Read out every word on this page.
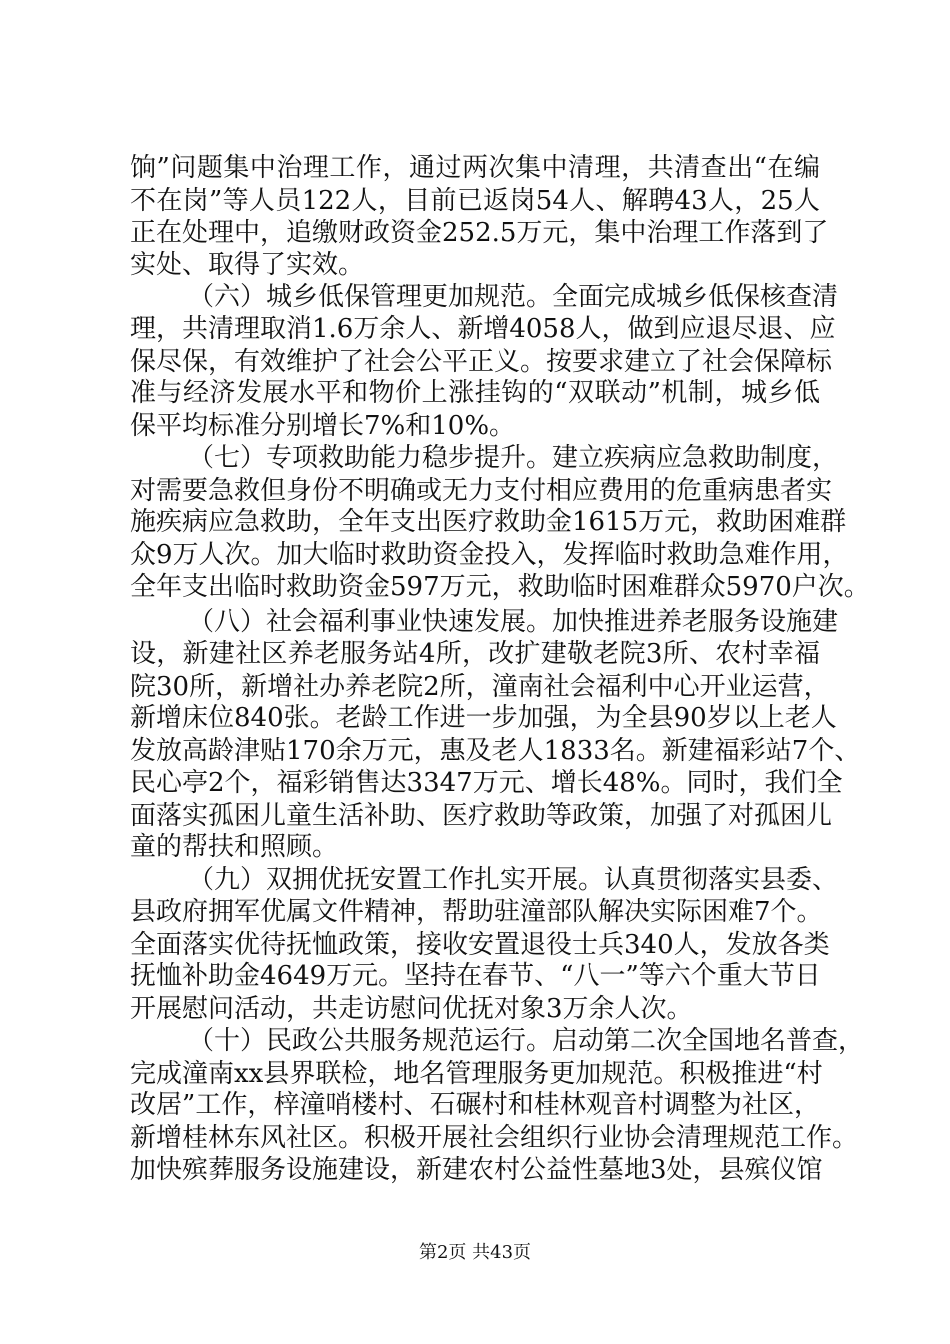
饷”问题集中治理工作，通过两次集中清理，共清查出“在编
不在岗”等人员122人，目前已返岗54人、解聘43人，25人
正在处理中，追缴财政资金252.5万元，集中治理工作落到了
实处、取得了实效。
（六）城乡低保管理更加规范。全面完成城乡低保核查清
理，共清理取消1.6万余人、新增4058人，做到应退尽退、应
保尽保，有效维护了社会公平正义。按要求建立了社会保障标
准与经济发展水平和物价上涨挂钩的“双联动”机制，城乡低
保平均标准分别增长7%和10%。
（七）专项救助能力稳步提升。建立疾病应急救助制度，
对需要急救但身份不明确或无力支付相应费用的危重病患者实
施疾病应急救助，全年支出医疗救助金1615万元，救助困难群
众9万人次。加大临时救助资金投入，发挥临时救助急难作用，
全年支出临时救助资金597万元，救助临时困难群众5970户次。
（八）社会福利事业快速发展。加快推进养老服务设施建
设，新建社区养老服务站4所，改扩建敬老院3所、农村幸福
院30所，新增社办养老院2所，潼南社会福利中心开业运营，
新增床位840张。老龄工作进一步加强，为全县90岁以上老人
发放高龄津贴170余万元，惠及老人1833名。新建福彩站7个、
民心亭2个，福彩销售达3347万元、增长48%。同时，我们全
面落实孤困儿童生活补助、医疗救助等政策，加强了对孤困儿
童的帮扶和照顾。
（九）双拥优抚安置工作扎实开展。认真贯彻落实县委、
县政府拥军优属文件精神，帮助驻潼部队解决实际困难7个。
全面落实优待抚恤政策，接收安置退役士兵340人，发放各类
抚恤补助金4649万元。坚持在春节、“八一”等六个重大节日
开展慰问活动，共走访慰问优抚对象3万余人次。
（十）民政公共服务规范运行。启动第二次全国地名普查，
完成潼南xx县界联检，地名管理服务更加规范。积极推进“村
改居”工作，梓潼哨楼村、石碾村和桂林观音村调整为社区，
新增桂林东风社区。积极开展社会组织行业协会清理规范工作。
加快殡葬服务设施建设，新建农村公益性墓地3处，县殡仪馆
第2页 共43页
